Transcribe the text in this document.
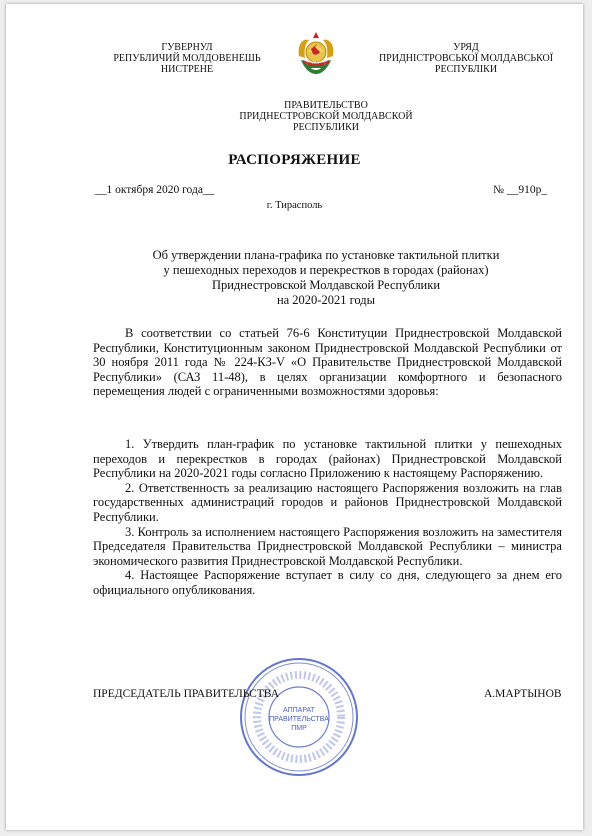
ГУВЕРНУЛ
РЕПУБЛИЧИЙ МОЛДОВЕНЕШЬ
НИСТРЕНЕ
ПМР
УРЯД
ПРИДНІСТРОВСЬКОЇ МОЛДАВСЬКОЇ
РЕСПУБЛІКИ
ПРАВИТЕЛЬСТВО
ПРИДНЕСТРОВСКОЙ МОЛДАВСКОЙ
РЕСПУБЛИКИ
РАСПОРЯЖЕНИЕ
__1 октября 2020 года__	№ __910р_
г. Тирасполь
Об утверждении плана-графика по установке тактильной плитки
у пешеходных переходов и перекрестков в городах (районах)
Приднестровской Молдавской Республики
на 2020-2021 годы
В соответствии со статьей 76-6 Конституции Приднестровской Молдавской Республики, Конституционным законом Приднестровской Молдавской Республики от 30 ноября 2011 года № 224-КЗ-V «О Правительстве Приднестровской Молдавской Республики» (САЗ 11-48), в целях организации комфортного и безопасного перемещения людей с ограниченными возможностями здоровья:

1. Утвердить план-график по установке тактильной плитки у пешеходных переходов и перекрестков в городах (районах) Приднестровской Молдавской Республики на 2020-2021 годы согласно Приложению к настоящему Распоряжению.

2. Ответственность за реализацию настоящего Распоряжения возложить на глав государственных администраций городов и районов Приднестровской Молдавской Республики.

3. Контроль за исполнением настоящего Распоряжения возложить на заместителя Председателя Правительства Приднестровской Молдавской Республики – министра экономического развития Приднестровской Молдавской Республики.

4. Настоящее Распоряжение вступает в силу со дня, следующего за днем его официального опубликования.

АППАРАТ
ПРАВИТЕЛЬСТВА
ПМР
ПРЕДСЕДАТЕЛЬ ПРАВИТЕЛЬСТВА	А.МАРТЫНОВ
